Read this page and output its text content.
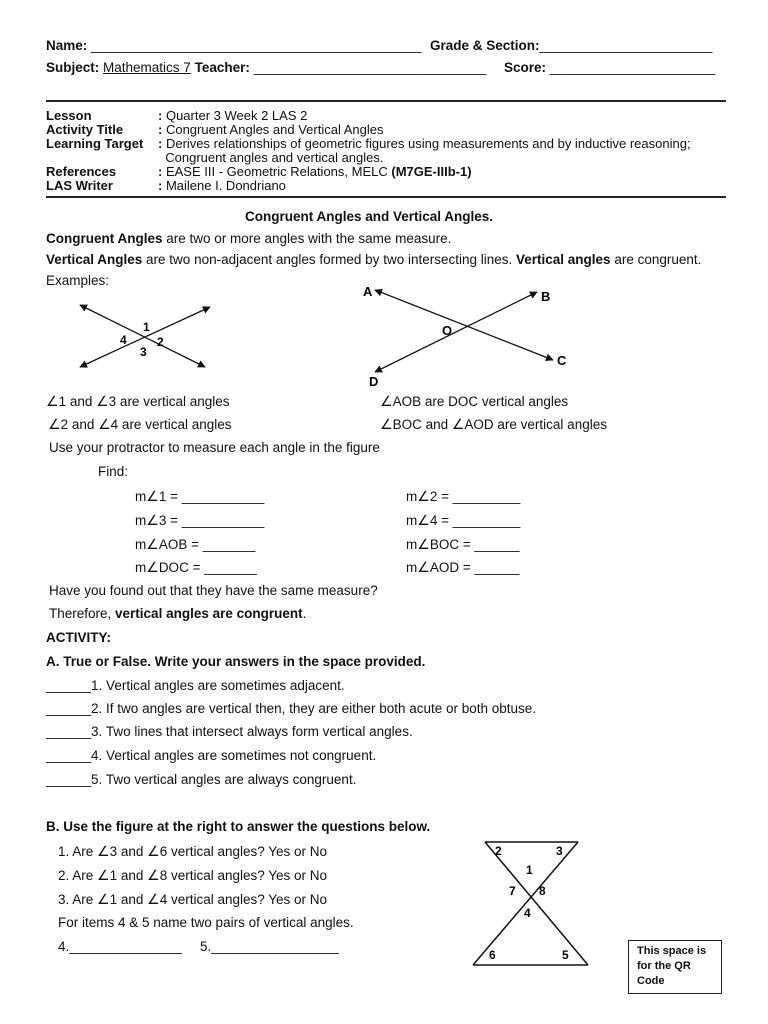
Name: ____________________________________________ Grade & Section:_______________________
Subject: Mathematics 7 Teacher: _______________________________ Score: ______________________
Lesson	: Quarter 3 Week 2 LAS 2
Activity Title	: Congruent Angles and Vertical Angles
Learning Target : Derives relationships of geometric figures using measurements and by inductive reasoning;
Congruent angles and vertical angles.
References	: EASE III - Geometric Relations, MELC (M7GE-IIIb-1)
LAS Writer	: Mailene I. Dondriano
Congruent Angles and Vertical Angles.
Congruent Angles are two or more angles with the same measure.
Vertical Angles are two non-adjacent angles formed by two intersecting lines. Vertical angles are congruent.
Examples:
1
2
3
4
A	B
C
D
O
∠1 and ∠3 are vertical angles	∠AOB are DOC vertical angles
∠2 and ∠4 are vertical angles	∠BOC and ∠AOD are vertical angles
Use your protractor to measure each angle in the figure
Find:
m∠1 = ___________	m∠2 = _________
m∠3 = ___________	m∠4 = _________
m∠AOB = _______	m∠BOC = ______
m∠DOC = _______	m∠AOD = ______
Have you found out that they have the same measure?
Therefore, vertical angles are congruent.
ACTIVITY:
A. True or False. Write your answers in the space provided.
______1. Vertical angles are sometimes adjacent.
______2. If two angles are vertical then, they are either both acute or both obtuse.
______3. Two lines that intersect always form vertical angles.
______4. Vertical angles are sometimes not congruent.
______5. Two vertical angles are always congruent.
B. Use the figure at the right to answer the questions below.
1. Are ∠3 and ∠6 vertical angles? Yes or No
2. Are ∠1 and ∠8 vertical angles? Yes or No
3. Are ∠1 and ∠4 vertical angles? Yes or No
For items 4 & 5 name two pairs of vertical angles.
4._______________ 5._________________
2	3
1
7 8
4
6	5	This space is for the QR Code
